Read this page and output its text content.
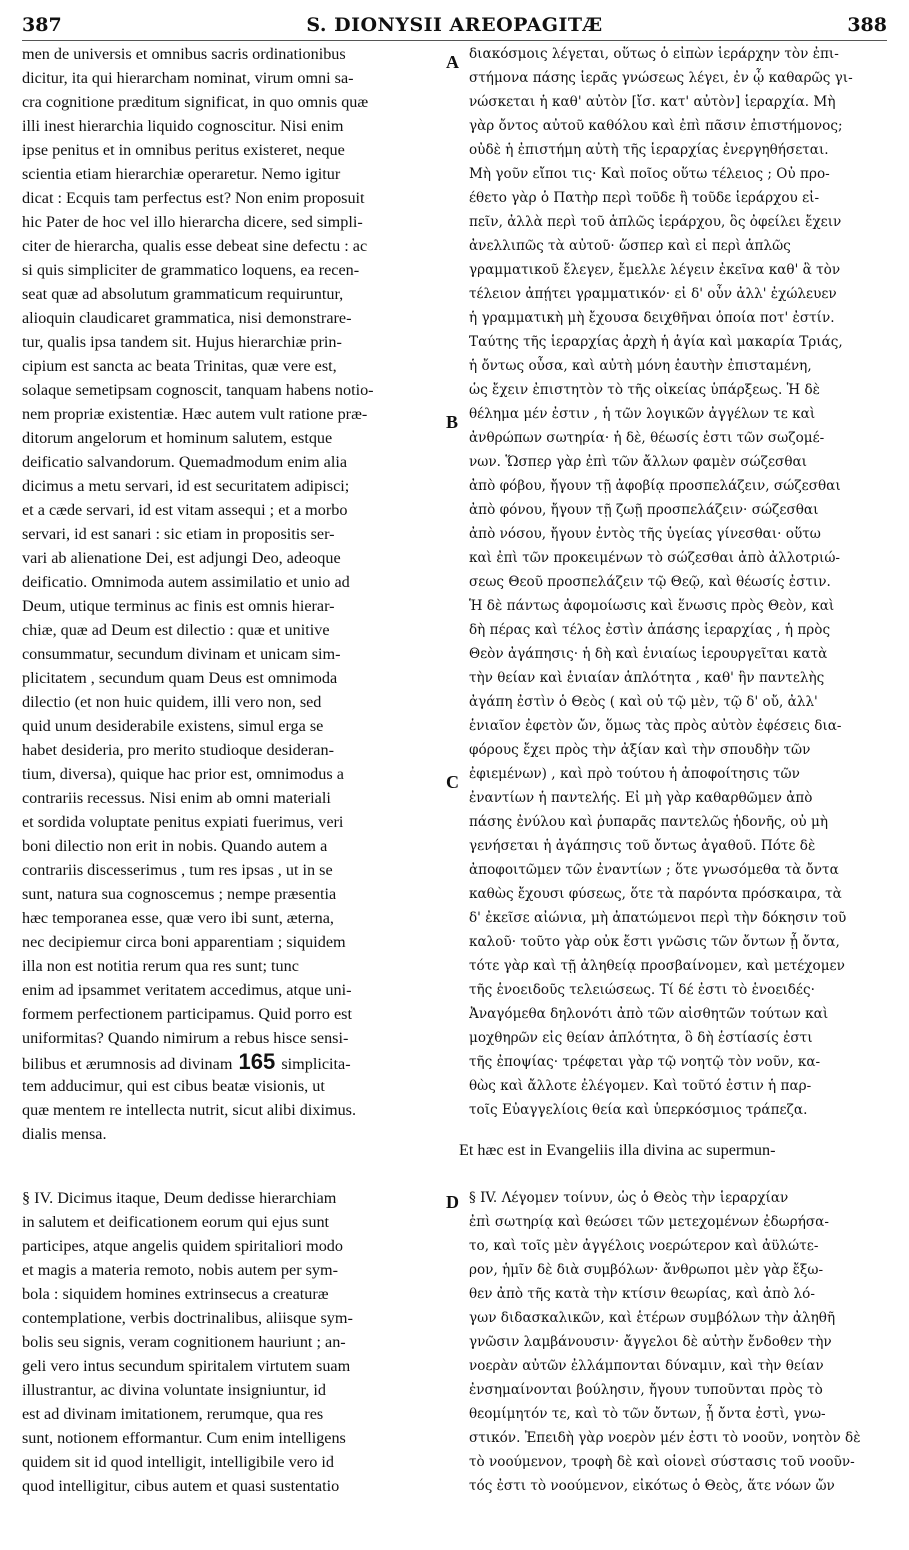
387	S. DIONYSII AREOPAGITÆ	388
men de universis et omnibus sacris ordinationibus
dicitur, ita qui hierarcham nominat, virum omni sa-
cra cognitione præditum significat, in quo omnis quæ
illi inest hierarchia liquido cognoscitur. Nisi enim
ipse penitus et in omnibus peritus existeret, neque
scientia etiam hierarchiæ operaretur. Nemo igitur
dicat : Ecquis tam perfectus est? Non enim proposuit
hic Pater de hoc vel illo hierarcha dicere, sed simpli-
citer de hierarcha, qualis esse debeat sine defectu : ac
si quis simpliciter de grammatico loquens, ea recen-
seat quæ ad absolutum grammaticum requiruntur,
alioquin claudicaret grammatica, nisi demonstrare-
tur, qualis ipsa tandem sit. Hujus hierarchiæ prin-
cipium est sancta ac beata Trinitas, quæ vere est,
solaque semetipsam cognoscit, tanquam habens notio-
nem propriæ existentiæ. Hæc autem vult ratione præ-
ditorum angelorum et hominum salutem, estque
deificatio salvandorum. Quemadmodum enim alia
dicimus a metu servari, id est securitatem adipisci;
et a cæde servari, id est vitam assequi ; et a morbo
servari, id est sanari : sic etiam in propositis ser-
vari ab alienatione Dei, est adjungi Deo, adeoque
deificatio. Omnimoda autem assimilatio et unio ad
Deum, utique terminus ac finis est omnis hierar-
chiæ, quæ ad Deum est dilectio : quæ et unitive
consummatur, secundum divinam et unicam sim-
plicitatem , secundum quam Deus est omnimoda
dilectio (et non huic quidem, illi vero non, sed
quid unum desiderabile existens, simul erga se
habet desideria, pro merito studioque desideran-
tium, diversa), quique hac prior est, omnimodus a
contrariis recessus. Nisi enim ab omni materiali
et sordida voluptate penitus expiati fuerimus, veri
boni dilectio non erit in nobis. Quando autem a
contrariis discesserimus , tum res ipsas , ut in se
sunt, natura sua cognoscemus ; nempe præsentia
hæc temporanea esse, quæ vero ibi sunt, æterna,
nec decipiemur circa boni apparentiam ; siquidem
illa non est notitia rerum qua res sunt; tunc
enim ad ipsammet veritatem accedimus, atque uni-
formem perfectionem participamus. Quid porro est
uniformitas? Quando nimirum a rebus hisce sensi-
bilibus et ærumnosis ad divinam 165 simplicita-
tem adducimur, qui est cibus beatæ visionis, ut
quæ mentem re intellecta nutrit, sicut alibi diximus.
dialis mensa.
διακόσμοις λέγεται, οὕτως ὁ εἰπὼν ἱεράρχην τὸν ἐπι-
στήμονα πάσης ἱερᾶς γνώσεως λέγει, ἐν ᾧ καθαρῶς γι-
νώσκεται ἡ καθ' αὐτὸν [ἴσ. κατ' αὐτὸν] ἱεραρχία. Μὴ
γὰρ ὄντος αὐτοῦ καθόλου καὶ ἐπὶ πᾶσιν ἐπιστήμονος;
οὐδὲ ἡ ἐπιστήμη αὐτὴ τῆς ἱεραρχίας ἐνεργηθήσεται.
Μὴ γοῦν εἴποι τις· Καὶ ποῖος οὕτω τέλειος ; Οὐ προ-
έθετο γὰρ ὁ Πατὴρ περὶ τοῦδε ἢ τοῦδε ἱεράρχου εἰ-
πεῖν, ἀλλὰ περὶ τοῦ ἁπλῶς ἱεράρχου, ὃς ὀφείλει ἔχειν
ἀνελλιπῶς τὰ αὐτοῦ· ὥσπερ καὶ εἰ περὶ ἁπλῶς
γραμματικοῦ ἔλεγεν, ἔμελλε λέγειν ἐκεῖνα καθ' ἃ τὸν
τέλειον ἀπῄτει γραμματικόν· εἰ δ' οὖν ἀλλ' ἐχώλευεν
ἡ γραμματικὴ μὴ ἔχουσα δειχθῆναι ὁποία ποτ' ἐστίν.
Ταύτης τῆς ἱεραρχίας ἀρχὴ ἡ ἁγία καὶ μακαρία Τριάς,
ἡ ὄντως οὖσα, καὶ αὐτὴ μόνη ἑαυτὴν ἐπισταμένη,
ὡς ἔχειν ἐπιστητὸν τὸ τῆς οἰκείας ὑπάρξεως. Ἡ δὲ
θέλημα μέν ἐστιν , ἡ τῶν λογικῶν ἀγγέλων τε καὶ
ἀνθρώπων σωτηρία· ἡ δὲ, θέωσίς ἐστι τῶν σωζομέ-
νων. Ὥσπερ γὰρ ἐπὶ τῶν ἄλλων φαμὲν σώζεσθαι
ἀπὸ φόβου, ἤγουν τῇ ἀφοβίᾳ προσπελάζειν, σώζεσθαι
ἀπὸ φόνου, ἤγουν τῇ ζωῇ προσπελάζειν· σώζεσθαι
ἀπὸ νόσου, ἤγουν ἐντὸς τῆς ὑγείας γίνεσθαι· οὕτω
καὶ ἐπὶ τῶν προκειμένων τὸ σώζεσθαι ἀπὸ ἀλλοτριώ-
σεως Θεοῦ προσπελάζειν τῷ Θεῷ, καὶ θέωσίς ἐστιν.
Ἡ δὲ πάντως ἀφομοίωσις καὶ ἕνωσις πρὸς Θεὸν, καὶ
δὴ πέρας καὶ τέλος ἐστὶν ἁπάσης ἱεραρχίας , ἡ πρὸς
Θεὸν ἀγάπησις· ἡ δὴ καὶ ἑνιαίως ἱερουργεῖται κατὰ
τὴν θείαν καὶ ἑνιαίαν ἁπλότητα , καθ' ἣν παντελὴς
ἀγάπη ἐστὶν ὁ Θεὸς ( καὶ οὐ τῷ μὲν, τῷ δ' οὔ, ἀλλ'
ἑνιαῖον ἐφετὸν ὤν, ὅμως τὰς πρὸς αὐτὸν ἐφέσεις δια-
φόρους ἔχει πρὸς τὴν ἀξίαν καὶ τὴν σπουδὴν τῶν
ἐφιεμένων) , καὶ πρὸ τούτου ἡ ἀποφοίτησις τῶν
ἐναντίων ἡ παντελής. Εἰ μὴ γὰρ καθαρθῶμεν ἀπὸ
πάσης ἐνύλου καὶ ῥυπαρᾶς παντελῶς ἡδονῆς, οὐ μὴ
γενήσεται ἡ ἀγάπησις τοῦ ὄντως ἀγαθοῦ. Πότε δὲ
ἀποφοιτῶμεν τῶν ἐναντίων ; ὅτε γνωσόμεθα τὰ ὄντα
καθὼς ἔχουσι φύσεως, ὅτε τὰ παρόντα πρόσκαιρα, τὰ
δ' ἐκεῖσε αἰώνια, μὴ ἀπατώμενοι περὶ τὴν δόκησιν τοῦ
καλοῦ· τοῦτο γὰρ οὐκ ἔστι γνῶσις τῶν ὄντων ᾗ ὄντα,
τότε γὰρ καὶ τῇ ἀληθείᾳ προσβαίνομεν, καὶ μετέχομεν
τῆς ἑνοειδοῦς τελειώσεως. Τί δέ ἐστι τὸ ἑνοειδές·
Ἀναγόμεθα δηλονότι ἀπὸ τῶν αἰσθητῶν τούτων καὶ
μοχθηρῶν εἰς θείαν ἁπλότητα, ὃ δὴ ἑστίασίς ἐστι
τῆς ἐποψίας· τρέφεται γὰρ τῷ νοητῷ τὸν νοῦν, κα-
θὼς καὶ ἄλλοτε ἐλέγομεν. Καὶ τοῦτό ἐστιν ἡ παρ-
τοῖς Εὐαγγελίοις θεία καὶ ὑπερκόσμιος τράπεζα.
Et hæc est in Evangeliis illa divina ac supermun-
§ IV. Dicimus itaque, Deum dedisse hierarchiam
in salutem et deificationem eorum qui ejus sunt
participes, atque angelis quidem spiritaliori modo
et magis a materia remoto, nobis autem per sym-
bola : siquidem homines extrinsecus a creaturæ
contemplatione, verbis doctrinalibus, aliisque sym-
bolis seu signis, veram cognitionem hauriunt ; an-
geli vero intus secundum spiritalem virtutem suam
illustrantur, ac divina voluntate insigniuntur, id
est ad divinam imitationem, rerumque, qua res
sunt, notionem efformantur. Cum enim intelligens
quidem sit id quod intelligit, intelligibile vero id
quod intelligitur, cibus autem et quasi sustentatio
§ IV. Λέγομεν τοίνυν, ὡς ὁ Θεὸς τὴν ἱεραρχίαν
ἐπὶ σωτηρίᾳ καὶ θεώσει τῶν μετεχομένων ἐδωρήσα-
το, καὶ τοῖς μὲν ἀγγέλοις νοερώτερον καὶ ἀϋλώτε-
ρον, ἡμῖν δὲ διὰ συμβόλων· ἄνθρωποι μὲν γὰρ ἔξω-
θεν ἀπὸ τῆς κατὰ τὴν κτίσιν θεωρίας, καὶ ἀπὸ λό-
γων διδασκαλικῶν, καὶ ἑτέρων συμβόλων τὴν ἀληθῆ
γνῶσιν λαμβάνουσιν· ἄγγελοι δὲ αὐτὴν ἔνδοθεν τὴν
νοερὰν αὐτῶν ἐλλάμπονται δύναμιν, καὶ τὴν θείαν
ἐνσημαίνονται βούλησιν, ἤγουν τυποῦνται πρὸς τὸ
θεομίμητόν τε, καὶ τὸ τῶν ὄντων, ᾗ ὄντα ἐστὶ, γνω-
στικόν. Ἐπειδὴ γὰρ νοερὸν μέν ἐστι τὸ νοοῦν, νοητὸν δὲ
τὸ νοούμενον, τροφὴ δὲ καὶ οἱονεὶ σύστασις τοῦ νοοῦν-
τός ἐστι τὸ νοούμενον, εἰκότως ὁ Θεὸς, ἅτε νόων ὤν
A
B
C
D
